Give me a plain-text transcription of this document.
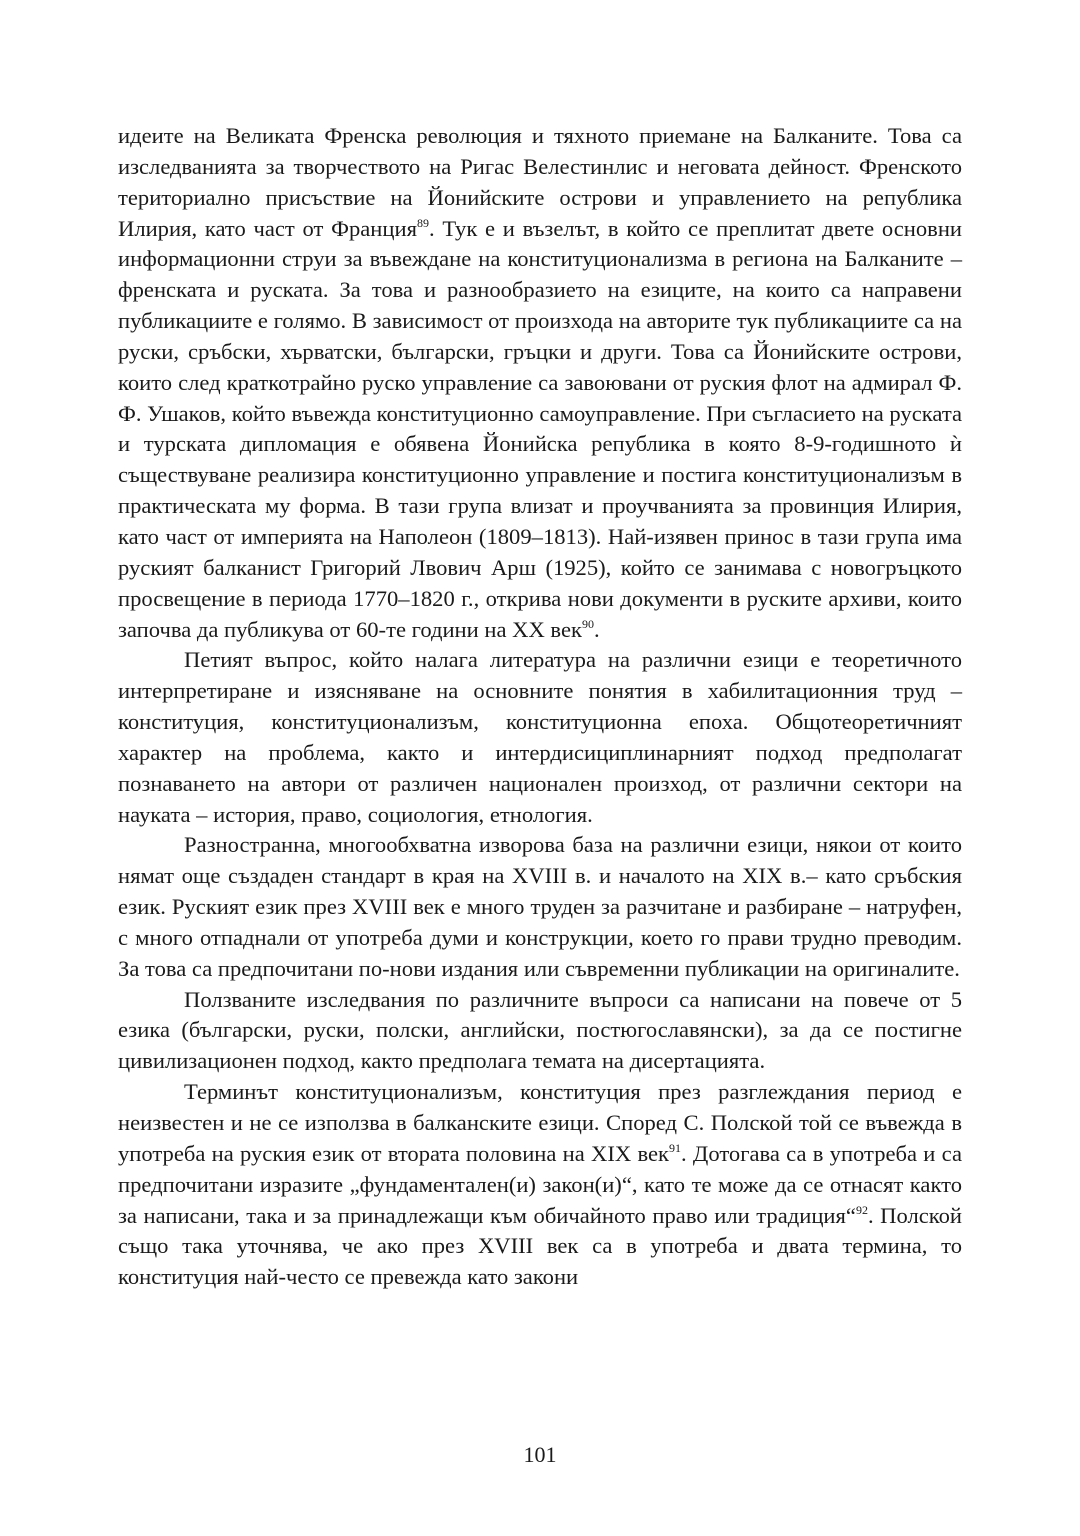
идеите на Великата Френска революция и тяхното приемане на Балканите. Това са изследванията за творчеството на Ригас Велестинлис и неговата дейност. Френското териториално присъствие на Йонийските острови и управлението на република Илирия, като част от Франция$^{89}$. Тук е и възелът, в който се преплитат двете основни информационни струи за въвеждане на конституционализма в региона на Балканите – френската и руската. За това и разнообразието на езиците, на които са направени публикациите е голямо. В зависимост от произхода на авторите тук публикациите са на руски, сръбски, хърватски, български, гръцки и други. Това са Йонийските острови, които след краткотрайно руско управление са завоювани от руския флот на адмирал Ф. Ф. Ушаков, който въвежда конституционно самоуправление. При съгласието на руската и турската дипломация е обявена Йонийска република в която 8-9-годишното ѝ съществуване реализира конституционно управление и постига конституционализъм в практическата му форма. В тази група влизат и проучванията за провинция Илирия, като част от империята на Наполеон (1809–1813). Най-изявен принос в тази група има руският балканист Григорий Лвович Арш (1925), който се занимава с новогръцкото просвещение в периода 1770–1820 г., открива нови документи в руските архиви, които започва да публикува от 60-те години на XX век$^{90}$.

Петият въпрос, който налага литература на различни езици е теоретичното интерпретиране и изясняване на основните понятия в хабилитационния труд – конституция, конституционализъм, конституционна епоха. Общотеоретичният характер на проблема, както и интердисициплинарният подход предполагат познаването на автори от различен национален произход, от различни сектори на науката – история, право, социология, етнология.

Разностранна, многообхватна изворова база на различни езици, някои от които нямат още създаден стандарт в края на XVIII в. и началото на XIX в.– като сръбския език. Руският език през XVIII век е много труден за разчитане и разбиране – натруфен, с много отпаднали от употреба думи и конструкции, което го прави трудно преводим. За това са предпочитани по-нови издания или съвременни публикации на оригиналите.

Ползваните изследвания по различните въпроси са написани на повече от 5 езика (български, руски, полски, английски, постюгославянски), за да се постигне цивилизационен подход, както предполага темата на дисертацията.

Терминът конституционализъм, конституция през разглеждания период е неизвестен и не се използва в балканските езици. Според С. Полской той се въвежда в употреба на руския език от втората половина на XIX век$^{91}$. Дотогава са в употреба и са предпочитани изразите „фундаментален(и) закон(и)“, като те може да се отнасят както за написани, така и за принадлежащи към обичайното право или традиция“$^{92}$. Полской също така уточнява, че ако през XVIII век са в употреба и двата термина, то конституция най-често се превежда като закони

101
